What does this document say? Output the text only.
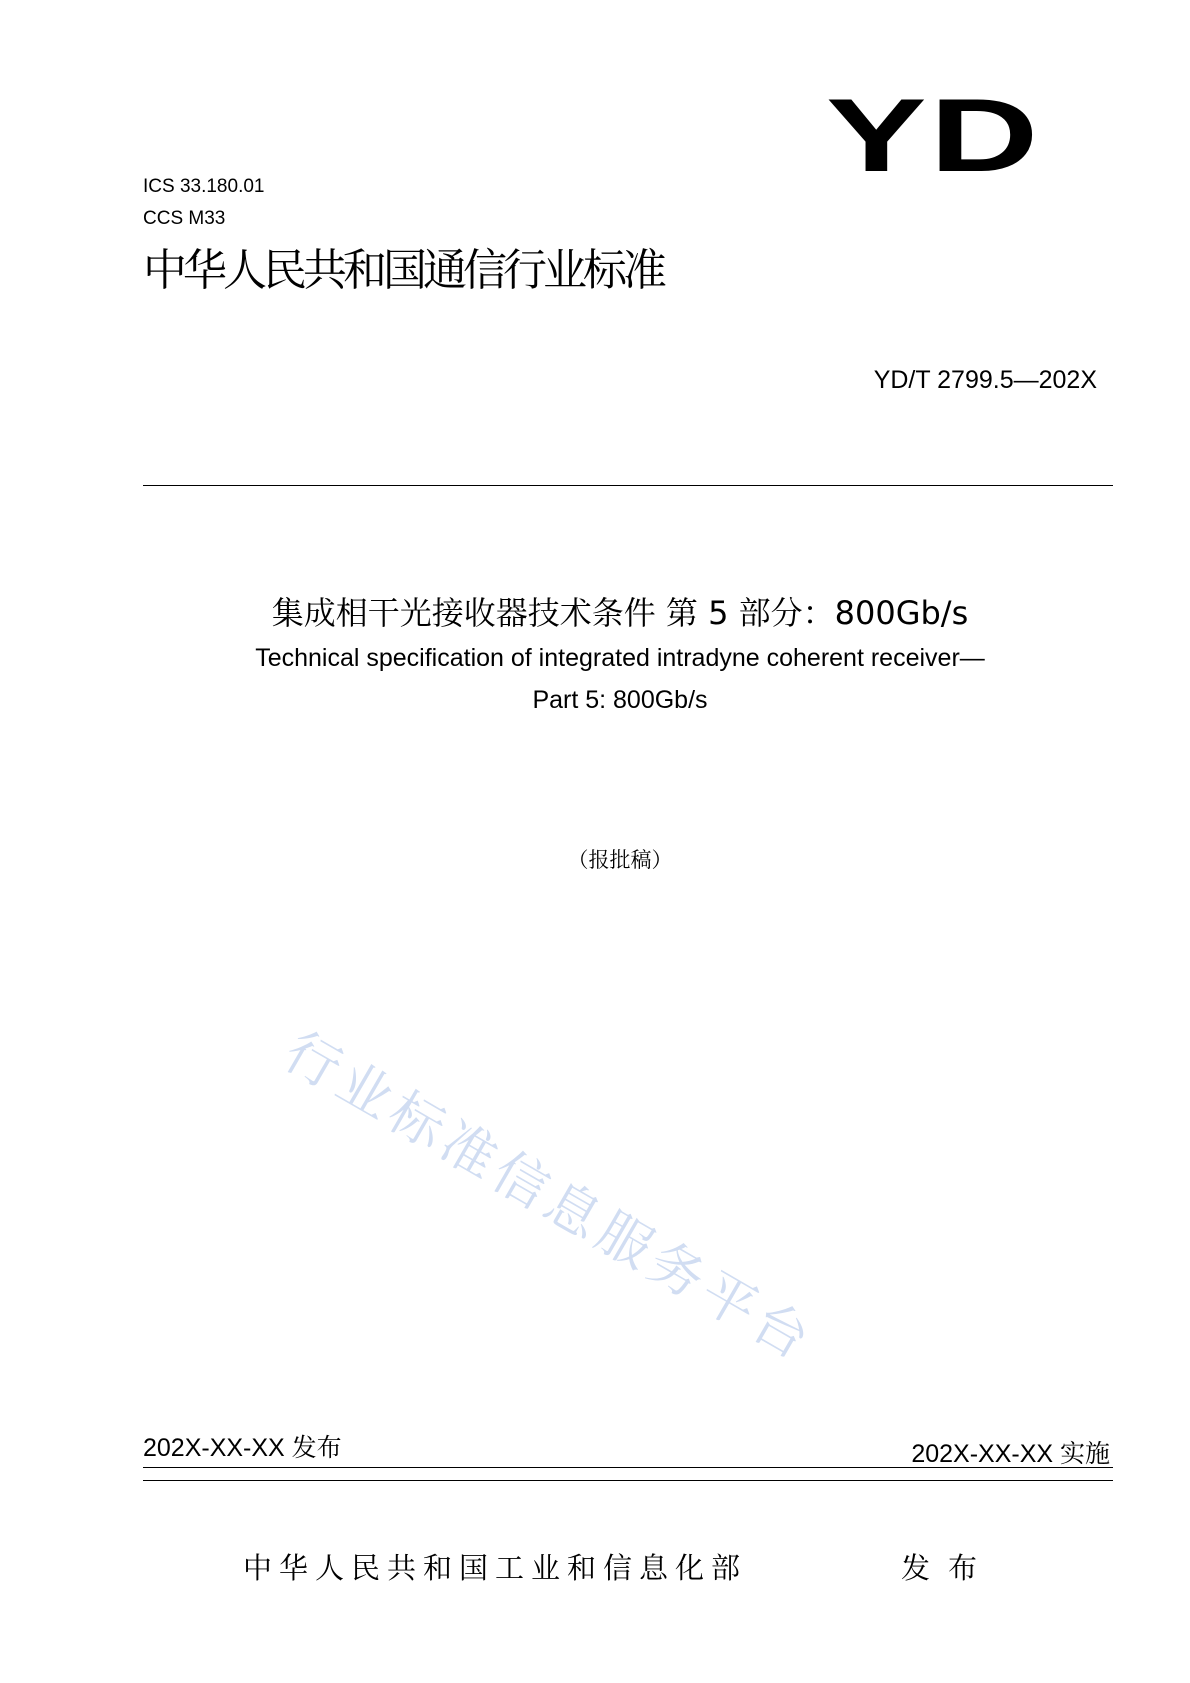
YD
ICS 33.180.01
CCS M33
中华人民共和国通信行业标准
YD/T 2799.5—202X
集成相干光接收器技术条件 第 5 部分：800Gb/s
Technical specification of integrated intradyne coherent receiver—
Part 5: 800Gb/s
（报批稿）
行业标准信息服务平台
202X-XX-XX 发布	202X-XX-XX 实施
中华人民共和国工业和信息化部	发布
